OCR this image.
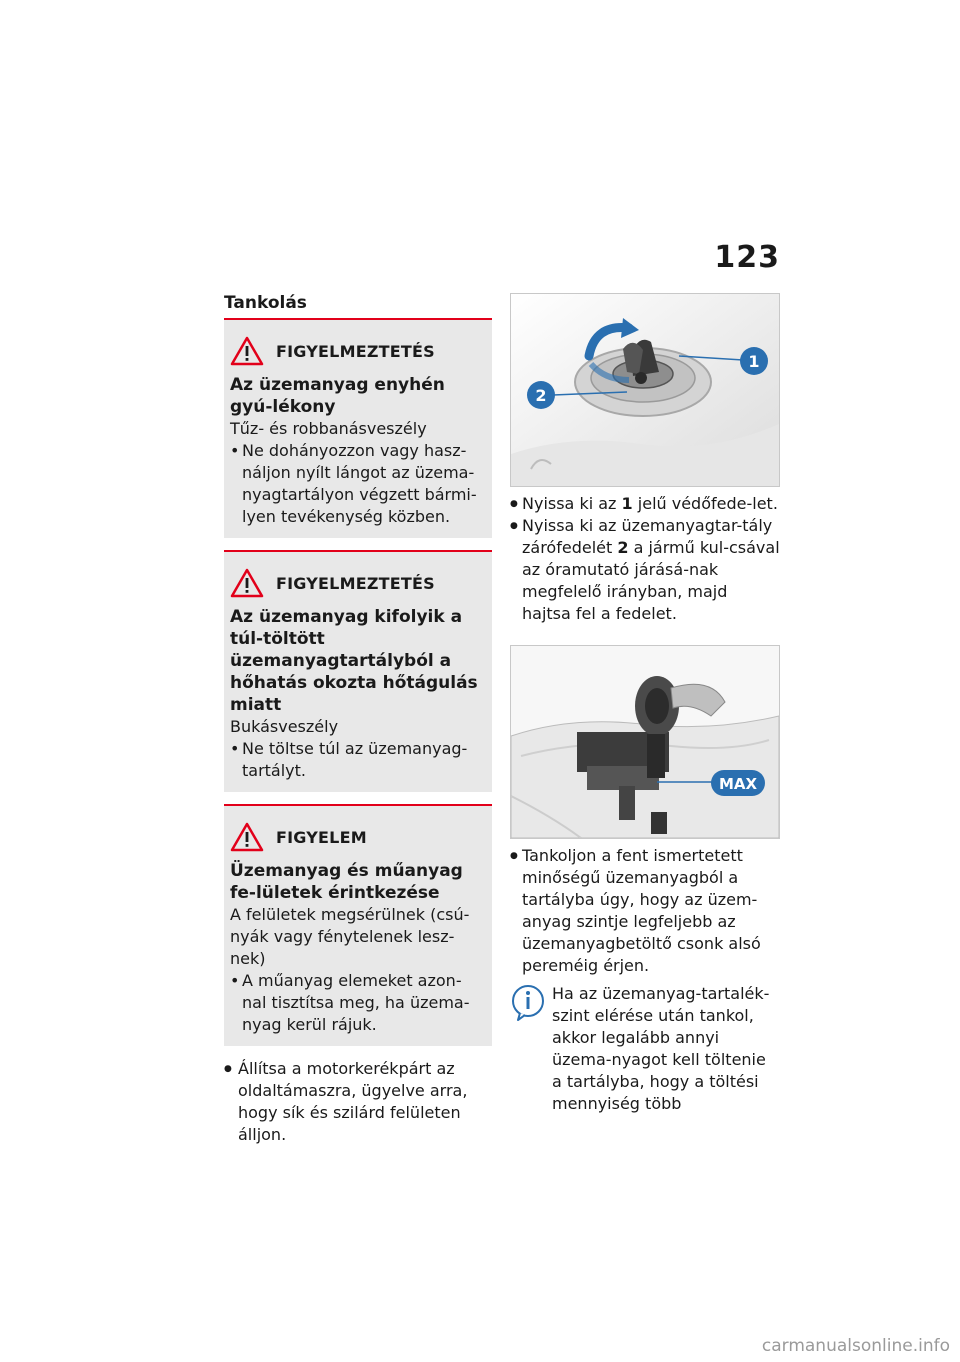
123
Tankolás
FIGYELMEZTETÉS
Az üzemanyag enyhén gyú-lékony
Tűz- és robbanásveszély
• Ne dohányozzon vagy hasz-náljon nyílt lángot az üzema-nyagtartályon végzett bármi-lyen tevékenység közben.
FIGYELMEZTETÉS
Az üzemanyag kifolyik a túl-töltött üzemanyagtartályból a hőhatás okozta hőtágulás miatt
Bukásveszély
• Ne töltse túl az üzemanyag-tartályt.
FIGYELEM
Üzemanyag és műanyag fe-lületek érintkezése
A felületek megsérülnek (csú-nyák vagy fénytelenek lesz-nek)
• A műanyag elemeket azon-nal tisztítsa meg, ha üzema-nyag kerül rájuk.
● Állítsa a motorkerékpárt az oldaltámaszra, ügyelve arra, hogy sík és szilárd felületen álljon.
1
2
● Nyissa ki az 1 jelű védőfede-let.
● Nyissa ki az üzemanyagtar-tály zárófedelét 2 a jármű kul-csával az óramutató járásá-nak megfelelő irányban, majd hajtsa fel a fedelet.
MAX
● Tankoljon a fent ismertetett minőségű üzemanyagból a tartályba úgy, hogy az üzem-anyag szintje legfeljebb az üzemanyagbetöltő csonk alsó pereméig érjen.
Ha az üzemanyag-tartalék-szint elérése után tankol, akkor legalább annyi üzema-nyagot kell töltenie a tartályba, hogy a töltési mennyiség több
carmanualsonline.info
